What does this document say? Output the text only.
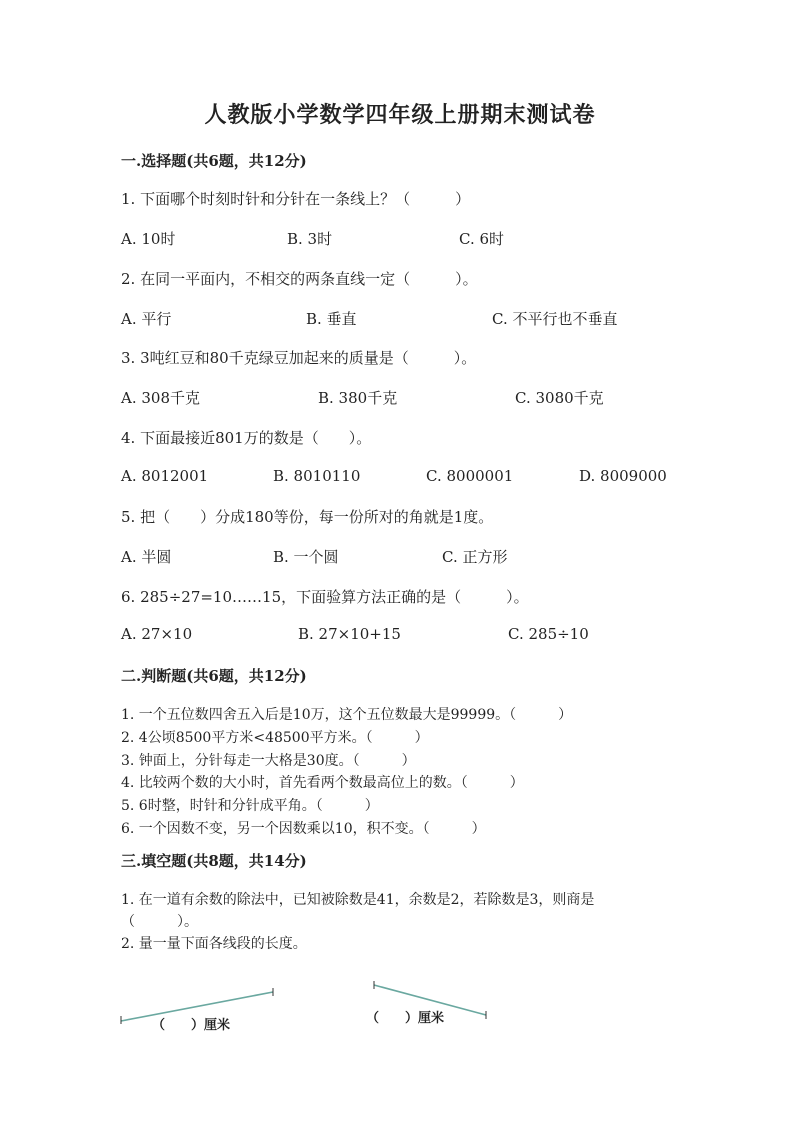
人教版小学数学四年级上册期末测试卷
一.选择题(共6题，共12分)
1. 下面哪个时刻时针和分针在一条线上？（　　　）
A. 10时	B. 3时	C. 6时
2. 在同一平面内，不相交的两条直线一定（　　　）。
A. 平行	B. 垂直	C. 不平行也不垂直
3. 3吨红豆和80千克绿豆加起来的质量是（　　　）。
A. 308千克	B. 380千克	C. 3080千克
4. 下面最接近801万的数是（　　）。
A. 8012001	B. 8010110	C. 8000001	D. 8009000
5. 把（　　）分成180等份，每一份所对的角就是1度。
A. 半圆	B. 一个圆	C. 正方形
6. 285÷27=10……15，下面验算方法正确的是（　　　）。
A. 27×10	B. 27×10+15	C. 285÷10
二.判断题(共6题，共12分)
1. 一个五位数四舍五入后是10万，这个五位数最大是99999。（　　　）
2. 4公顷8500平方米<48500平方米。（　　　）
3. 钟面上，分针每走一大格是30度。（　　　）
4. 比较两个数的大小时，首先看两个数最高位上的数。（　　　）
5. 6时整，时针和分针成平角。（　　　）
6. 一个因数不变，另一个因数乘以10，积不变。（　　　）
三.填空题(共8题，共14分)
1. 在一道有余数的除法中，已知被除数是41，余数是2，若除数是3，则商是
（　　　）。
2. 量一量下面各线段的长度。
（　　）厘米	（　　）厘米
